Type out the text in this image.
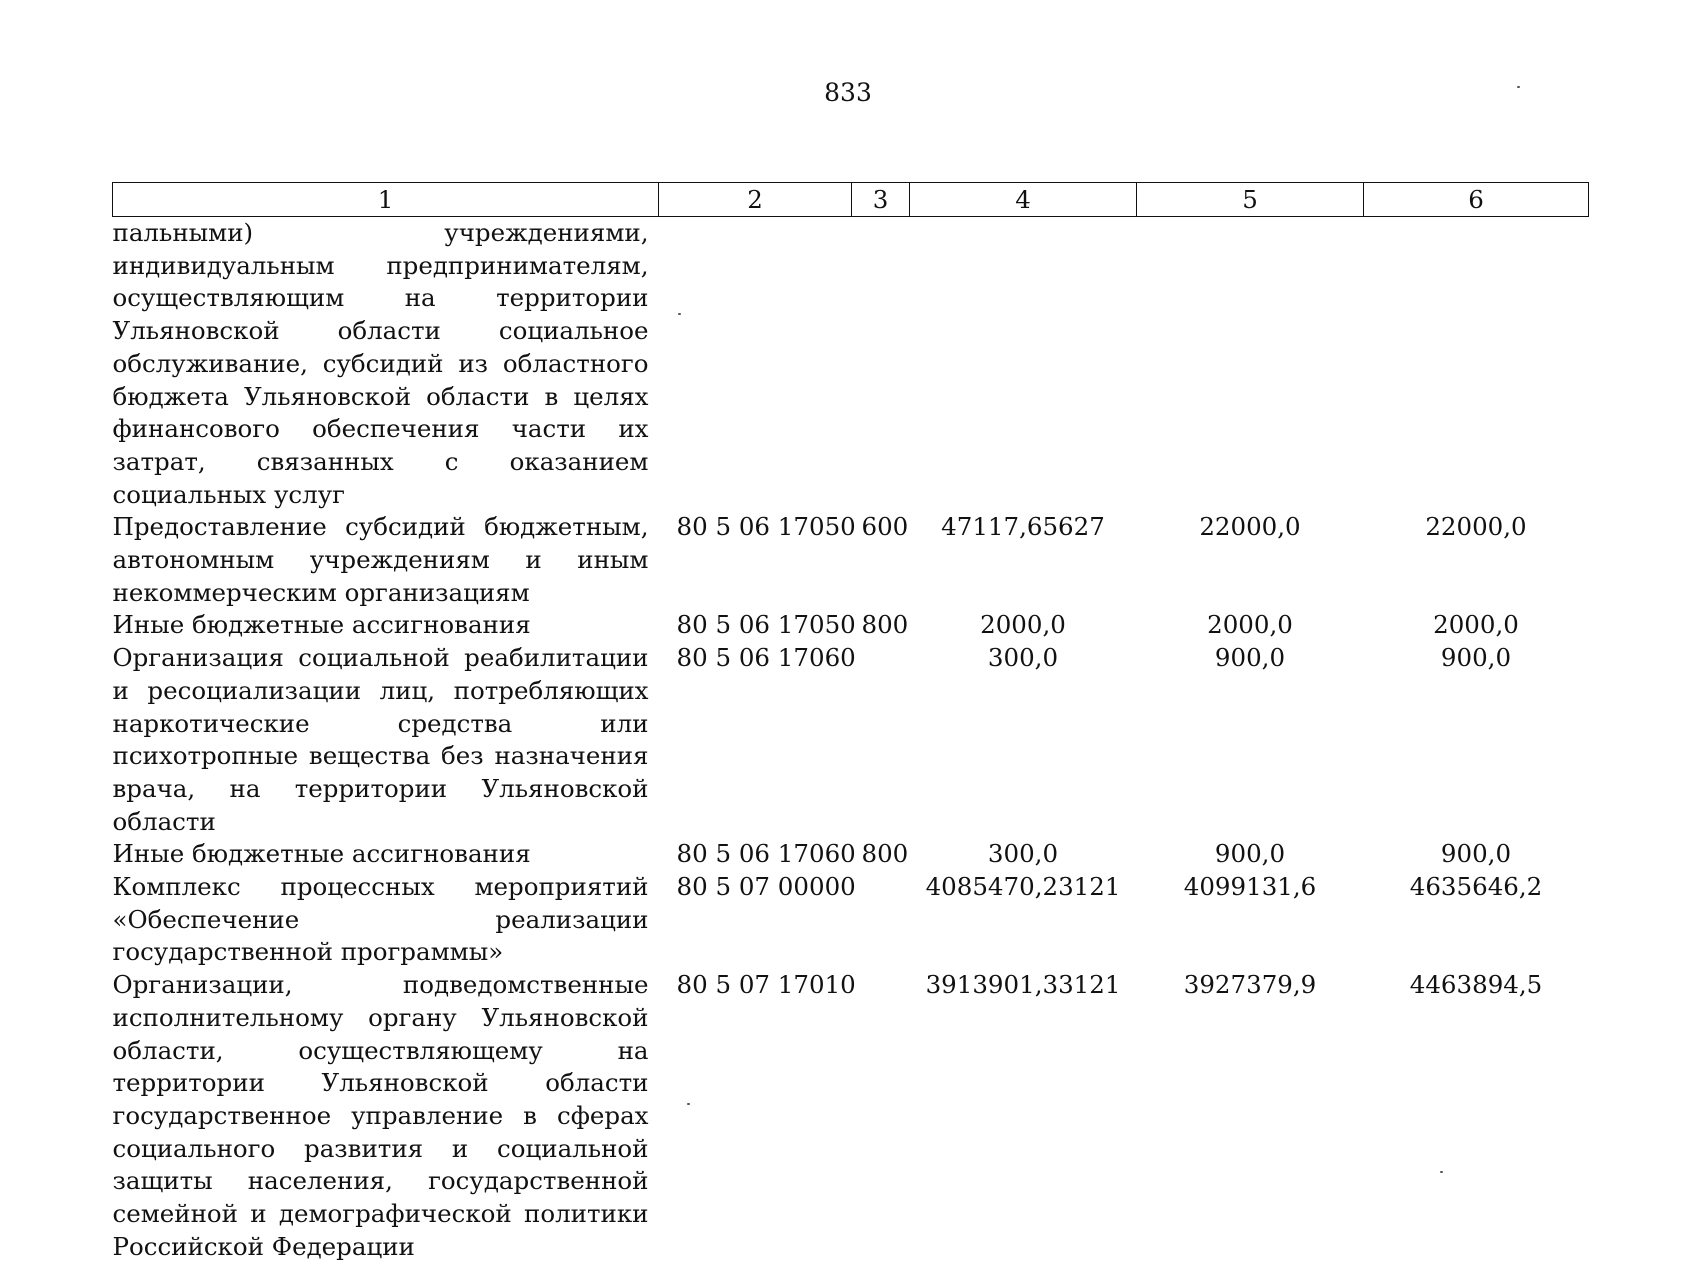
833
1	2	3	4	5	6
пальными) учреждениями, индивидуальным предпринимателям, осуществляющим на территории Ульяновской области социальное обслуживание, субсидий из областного бюджета Ульяновской области в целях финансового обеспечения части их затрат, связанных с оказанием социальных услуг					
Предоставление субсидий бюджетным, автономным учреждениям и иным некоммерческим организациям	80 5 06 17050	600	47117,65627	22000,0	22000,0
Иные бюджетные ассигнования	80 5 06 17050	800	2000,0	2000,0	2000,0
Организация социальной реабилитации и ресоциализации лиц, потребляющих наркотические средства или психотропные вещества без назначения врача, на территории Ульяновской области	80 5 06 17060		300,0	900,0	900,0
Иные бюджетные ассигнования	80 5 06 17060	800	300,0	900,0	900,0
Комплекс процессных мероприятий «Обеспечение реализации государственной программы»	80 5 07 00000		4085470,23121	4099131,6	4635646,2
Организации, подведомственные исполнительному органу Ульяновской области, осуществляющему на территории Ульяновской области государственное управление в сферах социального развития и социальной защиты населения, государственной семейной и демографической политики Российской Федерации	80 5 07 17010		3913901,33121	3927379,9	4463894,5
